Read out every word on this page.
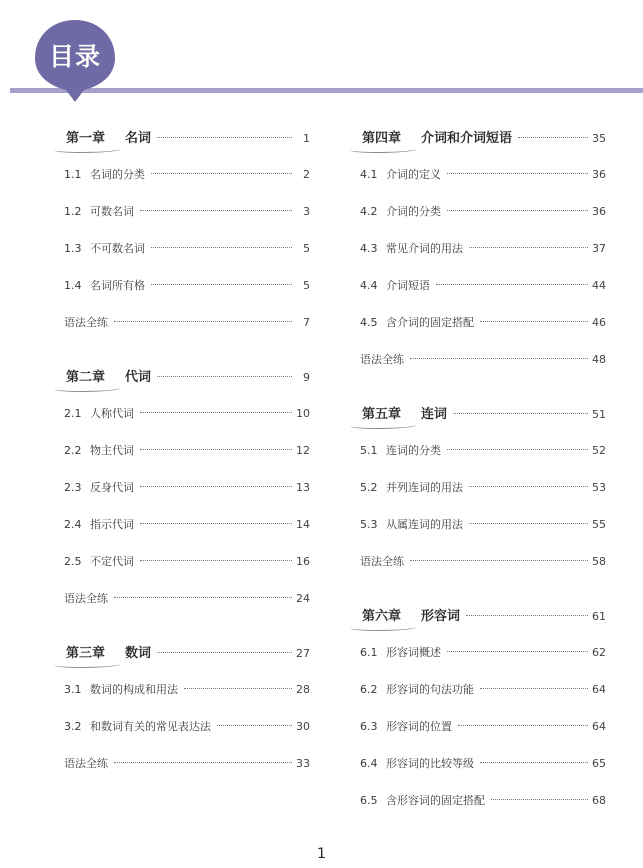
目录
第一章	名词	1
1.1 名词的分类	2
1.2 可数名词	3
1.3 不可数名词	5
1.4 名词所有格	5
语法全练	7
第二章	代词	9
2.1 人称代词	10
2.2 物主代词	12
2.3 反身代词	13
2.4 指示代词	14
2.5 不定代词	16
语法全练	24
第三章	数词	27
3.1 数词的构成和用法	28
3.2 和数词有关的常见表达法	30
语法全练	33
第四章	介词和介词短语	35
4.1 介词的定义	36
4.2 介词的分类	36
4.3 常见介词的用法	37
4.4 介词短语	44
4.5 含介词的固定搭配	46
语法全练	48
第五章	连词	51
5.1 连词的分类	52
5.2 并列连词的用法	53
5.3 从属连词的用法	55
语法全练	58
第六章	形容词	61
6.1 形容词概述	62
6.2 形容词的句法功能	64
6.3 形容词的位置	64
6.4 形容词的比较等级	65
6.5 含形容词的固定搭配	68
1
